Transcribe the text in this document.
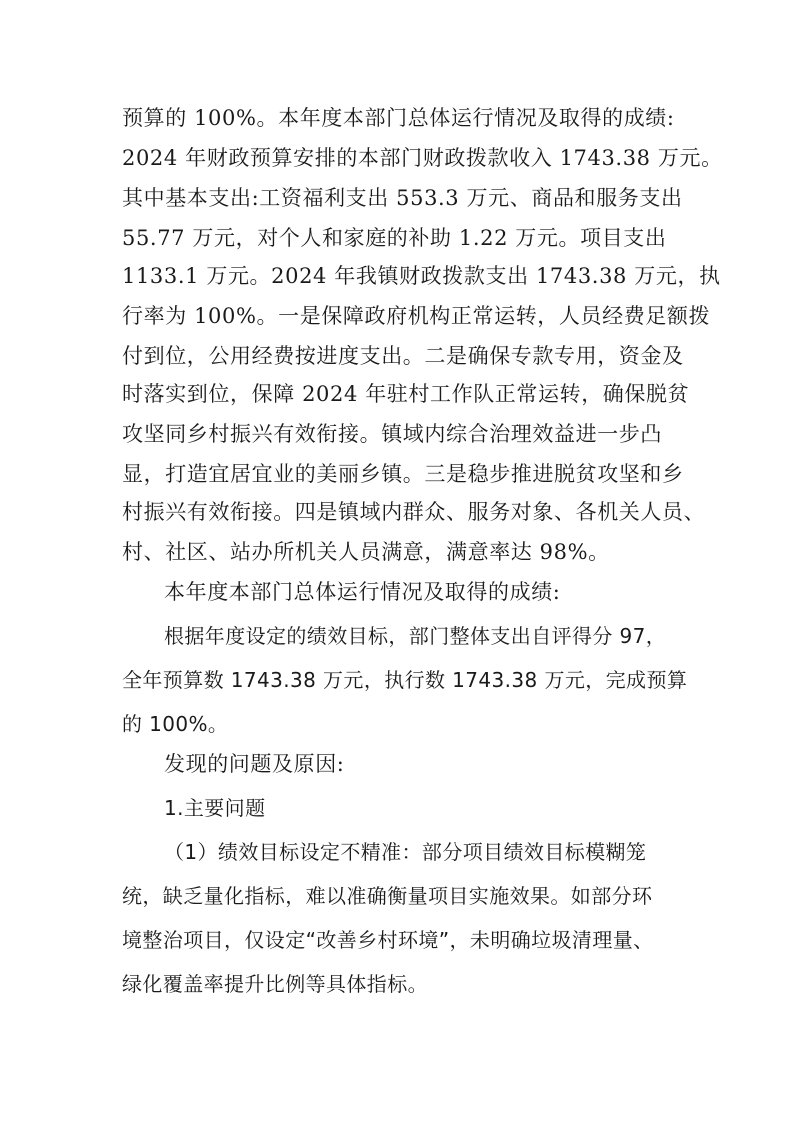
预算的 100%。本年度本部门总体运行情况及取得的成绩:
2024 年财政预算安排的本部门财政拨款收入 1743.38 万元。
其中基本支出:工资福利支出 553.3 万元、商品和服务支出
55.77 万元，对个人和家庭的补助 1.22 万元。项目支出
1133.1 万元。2024 年我镇财政拨款支出 1743.38 万元，执
行率为 100%。一是保障政府机构正常运转，人员经费足额拨
付到位，公用经费按进度支出。二是确保专款专用，资金及
时落实到位，保障 2024 年驻村工作队正常运转，确保脱贫
攻坚同乡村振兴有效衔接。镇域内综合治理效益进一步凸
显，打造宜居宜业的美丽乡镇。三是稳步推进脱贫攻坚和乡
村振兴有效衔接。四是镇域内群众、服务对象、各机关人员、
村、社区、站办所机关人员满意，满意率达 98%。
本年度本部门总体运行情况及取得的成绩:
根据年度设定的绩效目标，部门整体支出自评得分 97，
全年预算数 1743.38 万元，执行数 1743.38 万元，完成预算
的 100%。
发现的问题及原因:
1.主要问题
（1）绩效目标设定不精准：部分项目绩效目标模糊笼
统，缺乏量化指标，难以准确衡量项目实施效果。如部分环
境整治项目，仅设定“改善乡村环境”，未明确垃圾清理量、
绿化覆盖率提升比例等具体指标。
